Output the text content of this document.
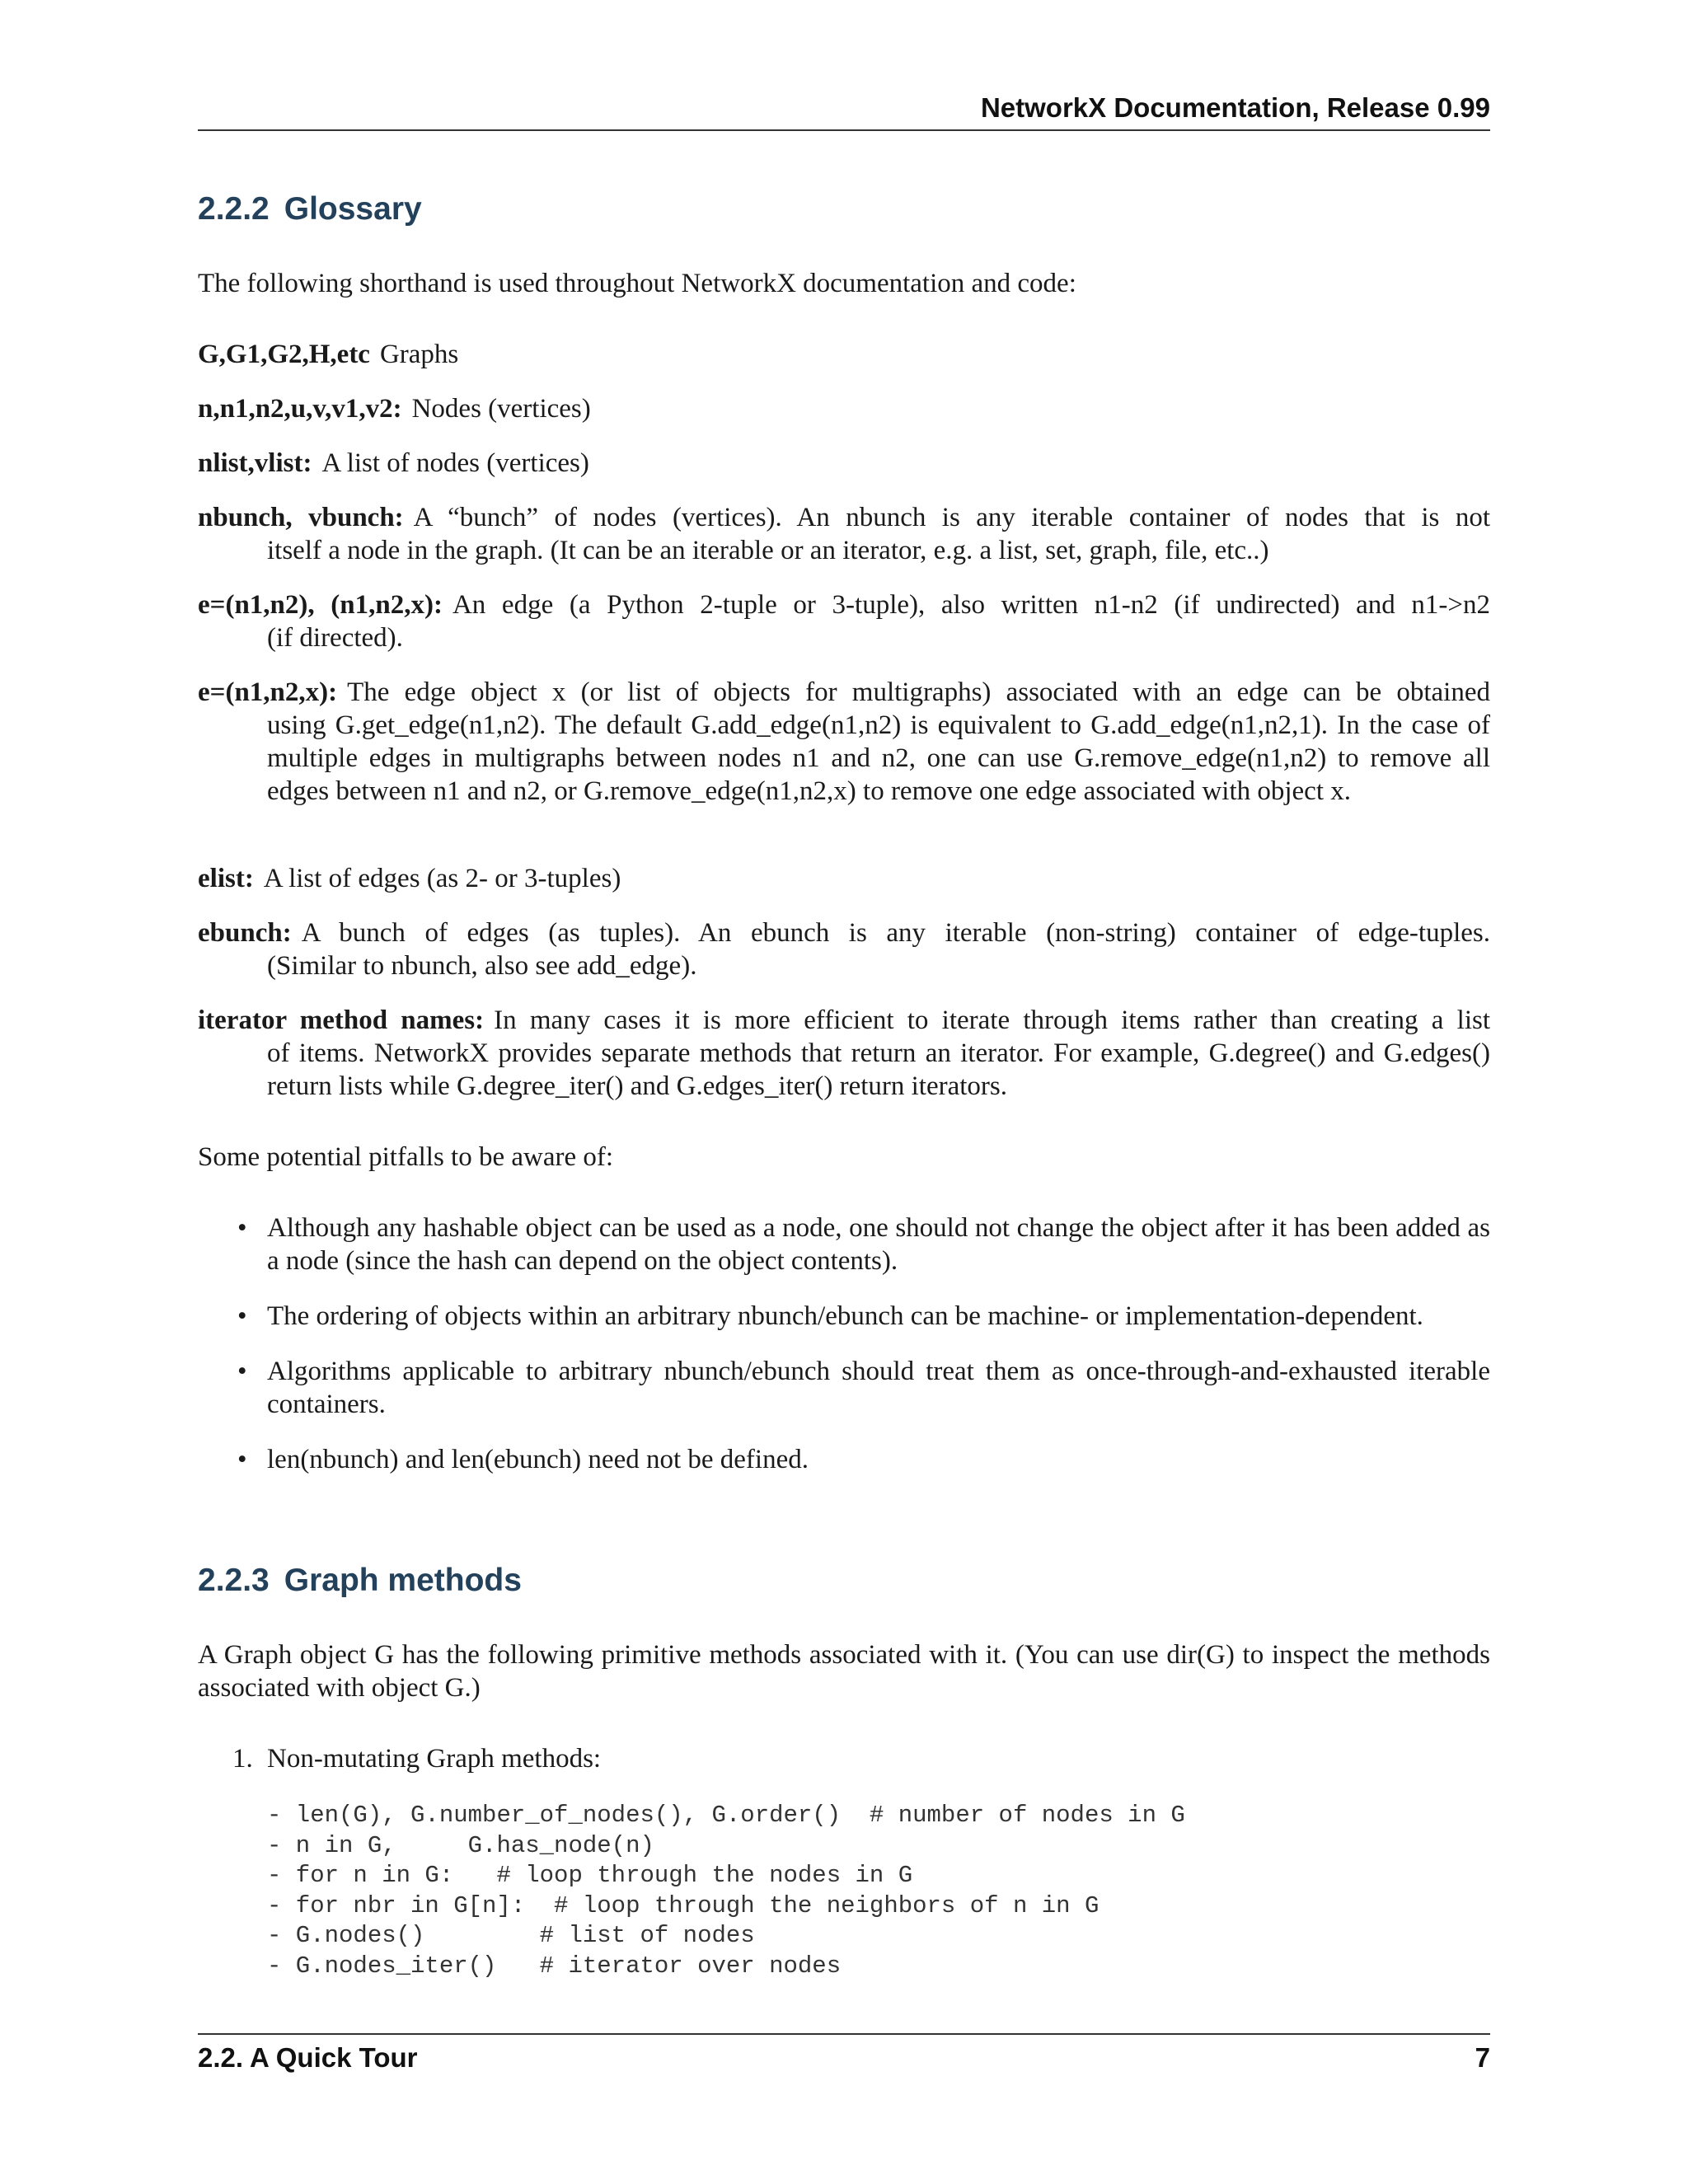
NetworkX Documentation, Release 0.99
2.2.2 Glossary

The following shorthand is used throughout NetworkX documentation and code:

G,G1,G2,H,etc Graphs
n,n1,n2,u,v,v1,v2: Nodes (vertices)
nlist,vlist: A list of nodes (vertices)
nbunch, vbunch: A “bunch” of nodes (vertices). An nbunch is any iterable container of nodes that is not
itself a node in the graph. (It can be an iterable or an iterator, e.g. a list, set, graph, file, etc..)
e=(n1,n2), (n1,n2,x): An edge (a Python 2-tuple or 3-tuple), also written n1-n2 (if undirected) and n1->n2
(if directed).
e=(n1,n2,x): The edge object x (or list of objects for multigraphs) associated with an edge can be obtained
using G.get_edge(n1,n2). The default G.add_edge(n1,n2) is equivalent to G.add_edge(n1,n2,1). In the case of multiple edges in multigraphs between nodes n1 and n2, one can use G.remove_edge(n1,n2) to remove all edges between n1 and n2, or G.remove_edge(n1,n2,x) to remove one edge associated with object x.
elist: A list of edges (as 2- or 3-tuples)
ebunch: A bunch of edges (as tuples). An ebunch is any iterable (non-string) container of edge-tuples.
(Similar to nbunch, also see add_edge).
iterator method names: In many cases it is more efficient to iterate through items rather than creating a list
of items. NetworkX provides separate methods that return an iterator. For example, G.degree() and G.edges() return lists while G.degree_iter() and G.edges_iter() return iterators.

Some potential pitfalls to be aware of:

• Although any hashable object can be used as a node, one should not change the object after it has been added as a node (since the hash can depend on the object contents).
• The ordering of objects within an arbitrary nbunch/ebunch can be machine- or implementation-dependent.
• Algorithms applicable to arbitrary nbunch/ebunch should treat them as once-through-and-exhausted iterable containers.
• len(nbunch) and len(ebunch) need not be defined.
2.2.3 Graph methods

A Graph object G has the following primitive methods associated with it. (You can use dir(G) to inspect the methods associated with object G.)

1. Non-mutating Graph methods:
- len(G), G.number_of_nodes(), G.order()  # number of nodes in G
- n in G,     G.has_node(n)
- for n in G:   # loop through the nodes in G
- for nbr in G[n]:  # loop through the neighbors of n in G
- G.nodes()        # list of nodes
- G.nodes_iter()   # iterator over nodes
2.2. A Quick Tour	7
